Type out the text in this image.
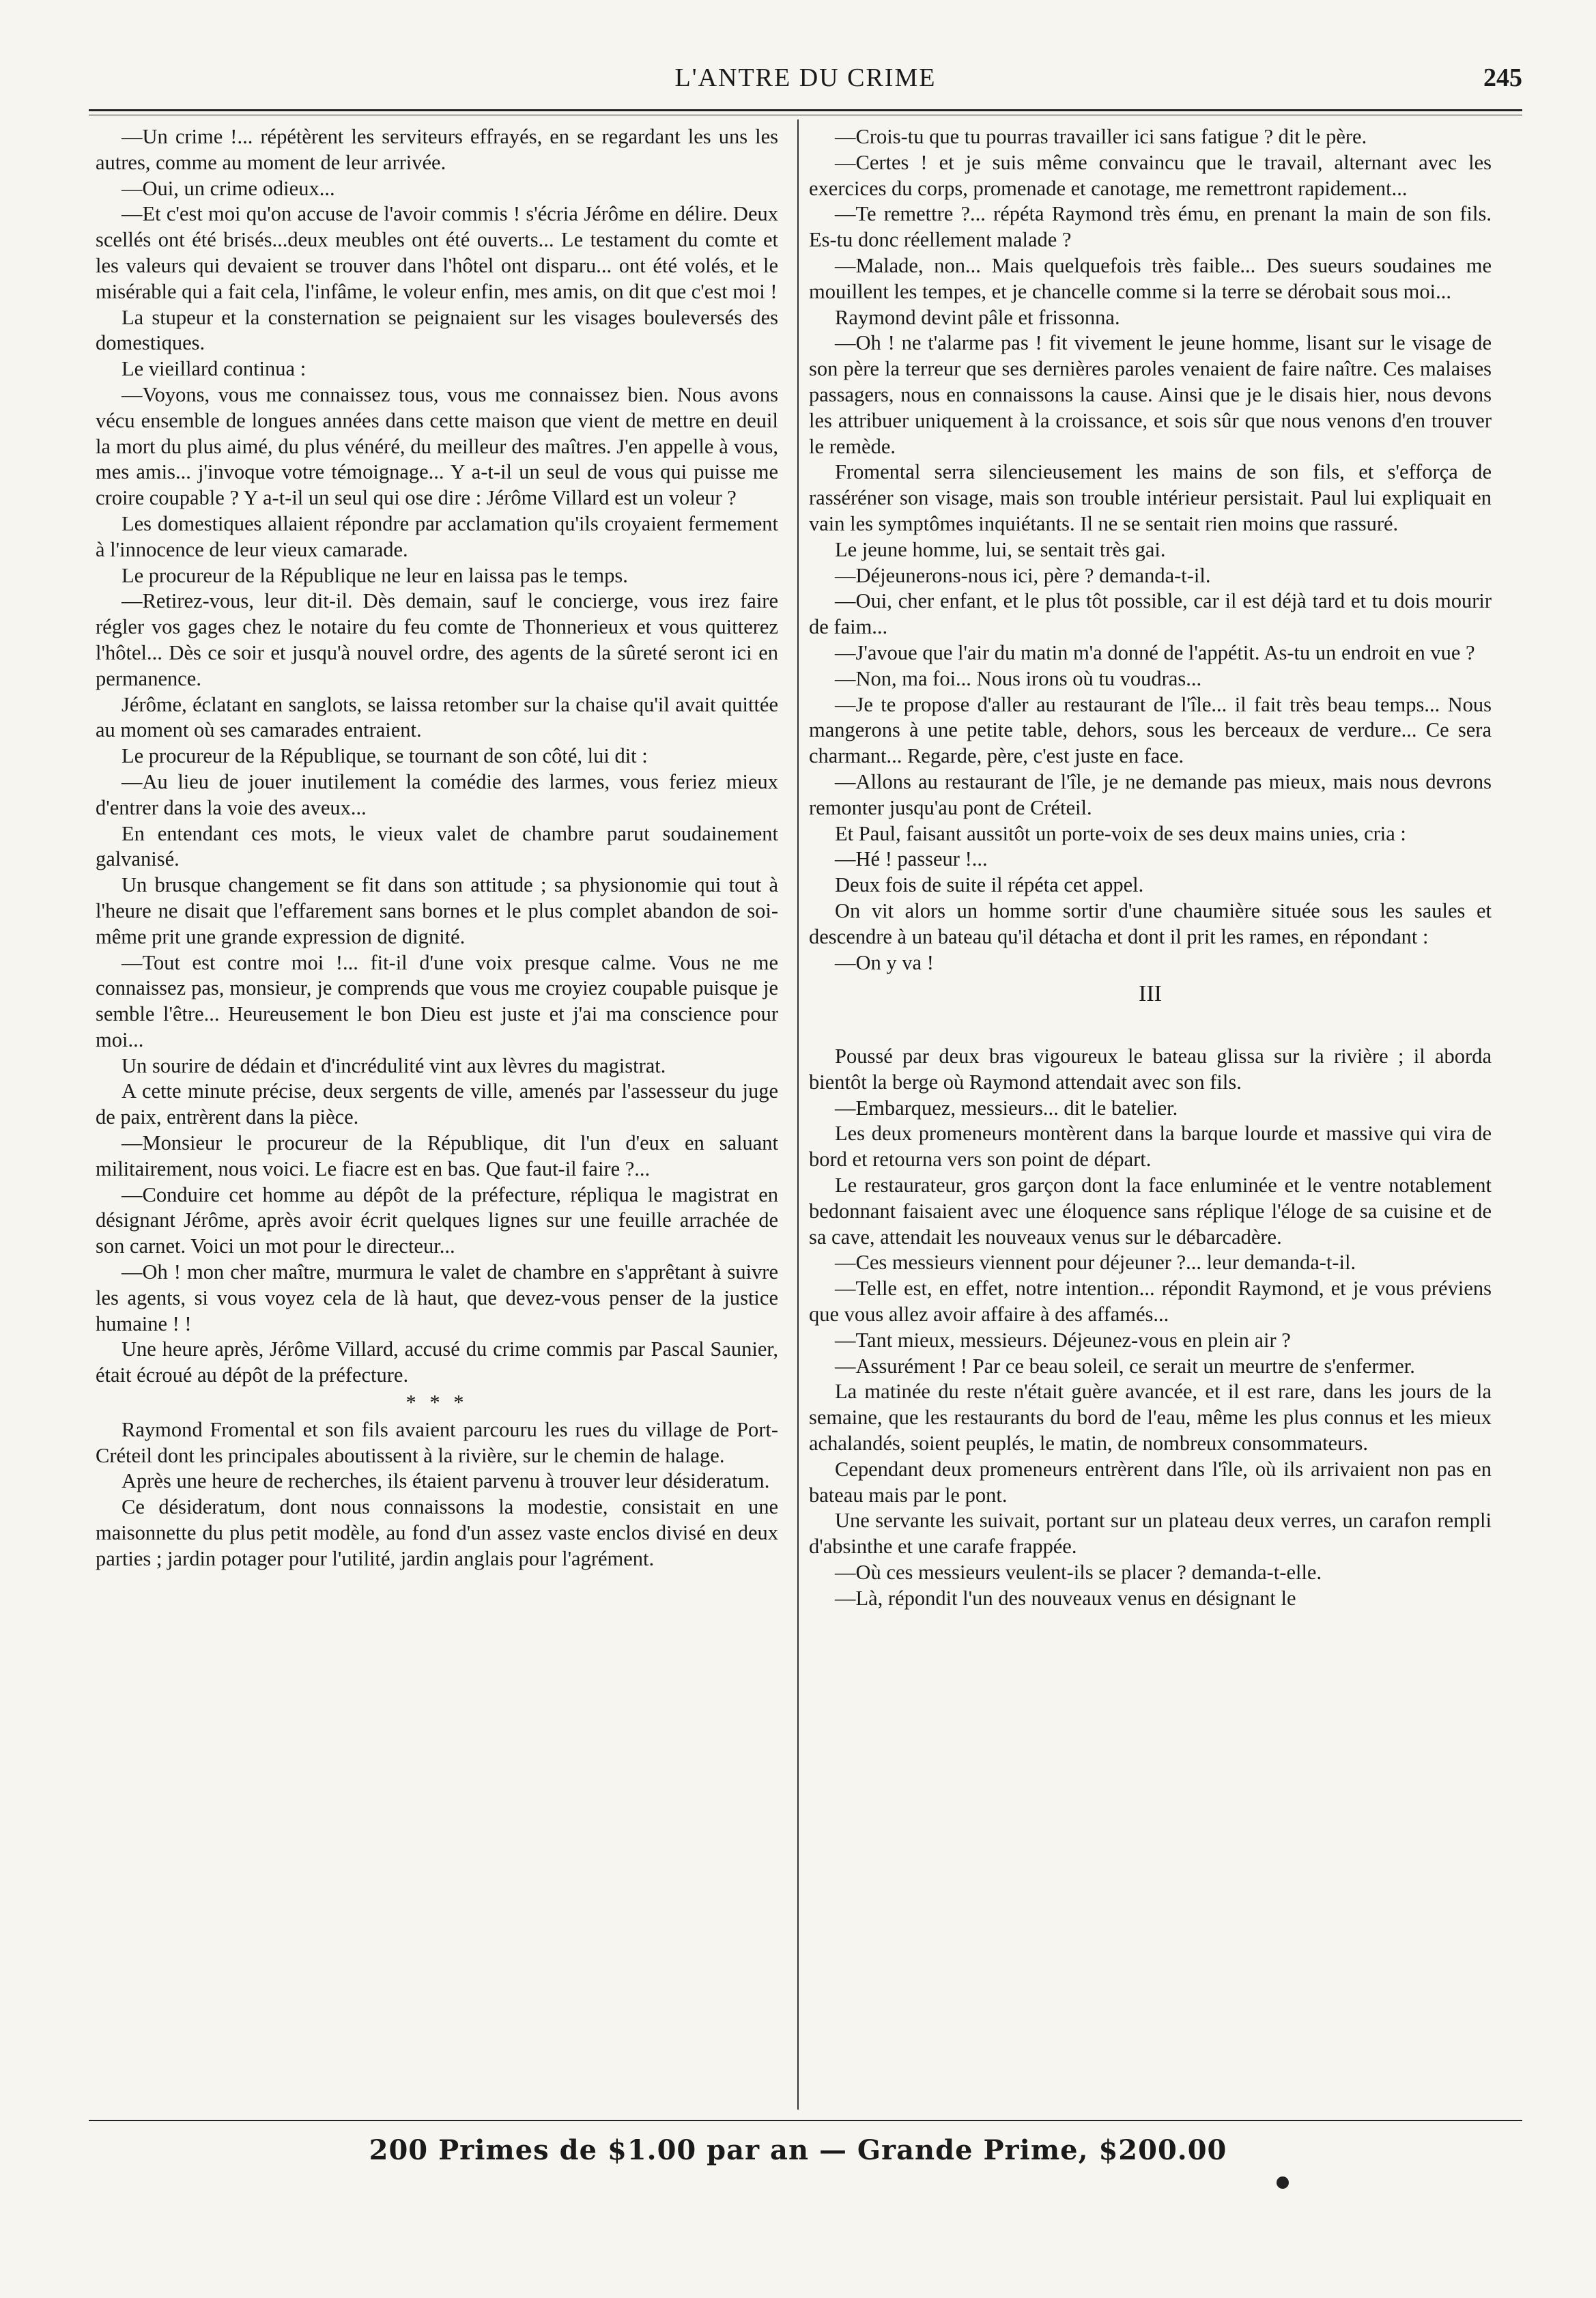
L'ANTRE DU CRIME	245

—Un crime !... répétèrent les serviteurs effrayés, en se regardant les uns les autres, comme au moment de leur arrivée.

—Oui, un crime odieux...

—Et c'est moi qu'on accuse de l'avoir commis ! s'écria Jérôme en délire. Deux scellés ont été brisés...deux meubles ont été ouverts... Le testament du comte et les valeurs qui devaient se trouver dans l'hôtel ont disparu... ont été volés, et le misérable qui a fait cela, l'infâme, le voleur enfin, mes amis, on dit que c'est moi !

La stupeur et la consternation se peignaient sur les visages bouleversés des domestiques.

Le vieillard continua :

—Voyons, vous me connaissez tous, vous me connaissez bien. Nous avons vécu ensemble de longues années dans cette maison que vient de mettre en deuil la mort du plus aimé, du plus vénéré, du meilleur des maîtres. J'en appelle à vous, mes amis... j'invoque votre témoignage... Y a-t-il un seul de vous qui puisse me croire coupable ? Y a-t-il un seul qui ose dire : Jérôme Villard est un voleur ?

Les domestiques allaient répondre par acclamation qu'ils croyaient fermement à l'innocence de leur vieux camarade.

Le procureur de la République ne leur en laissa pas le temps.

—Retirez-vous, leur dit-il. Dès demain, sauf le concierge, vous irez faire régler vos gages chez le notaire du feu comte de Thonnerieux et vous quitterez l'hôtel... Dès ce soir et jusqu'à nouvel ordre, des agents de la sûreté seront ici en permanence.

Jérôme, éclatant en sanglots, se laissa retomber sur la chaise qu'il avait quittée au moment où ses camarades entraient.

Le procureur de la République, se tournant de son côté, lui dit :

—Au lieu de jouer inutilement la comédie des larmes, vous feriez mieux d'entrer dans la voie des aveux...

En entendant ces mots, le vieux valet de chambre parut soudainement galvanisé.

Un brusque changement se fit dans son attitude ; sa physionomie qui tout à l'heure ne disait que l'effarement sans bornes et le plus complet abandon de soi-même prit une grande expression de dignité.

—Tout est contre moi !... fit-il d'une voix presque calme. Vous ne me connaissez pas, monsieur, je comprends que vous me croyiez coupable puisque je semble l'être... Heureusement le bon Dieu est juste et j'ai ma conscience pour moi...

Un sourire de dédain et d'incrédulité vint aux lèvres du magistrat.

A cette minute précise, deux sergents de ville, amenés par l'assesseur du juge de paix, entrèrent dans la pièce.

—Monsieur le procureur de la République, dit l'un d'eux en saluant militairement, nous voici. Le fiacre est en bas. Que faut-il faire ?...

—Conduire cet homme au dépôt de la préfecture, répliqua le magistrat en désignant Jérôme, après avoir écrit quelques lignes sur une feuille arrachée de son carnet. Voici un mot pour le directeur...

—Oh ! mon cher maître, murmura le valet de chambre en s'apprêtant à suivre les agents, si vous voyez cela de là haut, que devez-vous penser de la justice humaine ! !

Une heure après, Jérôme Villard, accusé du crime commis par Pascal Saunier, était écroué au dépôt de la préfecture.

* * *

Raymond Fromental et son fils avaient parcouru les rues du village de Port-Créteil dont les principales aboutissent à la rivière, sur le chemin de halage.

Après une heure de recherches, ils étaient parvenu à trouver leur désideratum.

Ce désideratum, dont nous connaissons la modestie, consistait en une maisonnette du plus petit modèle, au fond d'un assez vaste enclos divisé en deux parties ; jardin potager pour l'utilité, jardin anglais pour l'agrément.

—Crois-tu que tu pourras travailler ici sans fatigue ? dit le père.

—Certes ! et je suis même convaincu que le travail, alternant avec les exercices du corps, promenade et canotage, me remettront rapidement...

—Te remettre ?... répéta Raymond très ému, en prenant la main de son fils. Es-tu donc réellement malade ?

—Malade, non... Mais quelquefois très faible... Des sueurs soudaines me mouillent les tempes, et je chancelle comme si la terre se dérobait sous moi...

Raymond devint pâle et frissonna.

—Oh ! ne t'alarme pas ! fit vivement le jeune homme, lisant sur le visage de son père la terreur que ses dernières paroles venaient de faire naître. Ces malaises passagers, nous en connaissons la cause. Ainsi que je le disais hier, nous devons les attribuer uniquement à la croissance, et sois sûr que nous venons d'en trouver le remède.

Fromental serra silencieusement les mains de son fils, et s'efforça de rasséréner son visage, mais son trouble intérieur persistait. Paul lui expliquait en vain les symptômes inquiétants. Il ne se sentait rien moins que rassuré.

Le jeune homme, lui, se sentait très gai.

—Déjeunerons-nous ici, père ? demanda-t-il.

—Oui, cher enfant, et le plus tôt possible, car il est déjà tard et tu dois mourir de faim...

—J'avoue que l'air du matin m'a donné de l'appétit. As-tu un endroit en vue ?

—Non, ma foi... Nous irons où tu voudras...

—Je te propose d'aller au restaurant de l'île... il fait très beau temps... Nous mangerons à une petite table, dehors, sous les berceaux de verdure... Ce sera charmant... Regarde, père, c'est juste en face.

—Allons au restaurant de l'île, je ne demande pas mieux, mais nous devrons remonter jusqu'au pont de Créteil.

Et Paul, faisant aussitôt un porte-voix de ses deux mains unies, cria :

—Hé ! passeur !...

Deux fois de suite il répéta cet appel.

On vit alors un homme sortir d'une chaumière située sous les saules et descendre à un bateau qu'il détacha et dont il prit les rames, en répondant :

—On y va !

III

Poussé par deux bras vigoureux le bateau glissa sur la rivière ; il aborda bientôt la berge où Raymond attendait avec son fils.

—Embarquez, messieurs... dit le batelier.

Les deux promeneurs montèrent dans la barque lourde et massive qui vira de bord et retourna vers son point de départ.

Le restaurateur, gros garçon dont la face enluminée et le ventre notablement bedonnant faisaient avec une éloquence sans réplique l'éloge de sa cuisine et de sa cave, attendait les nouveaux venus sur le débarcadère.

—Ces messieurs viennent pour déjeuner ?... leur demanda-t-il.

—Telle est, en effet, notre intention... répondit Raymond, et je vous préviens que vous allez avoir affaire à des affamés...

—Tant mieux, messieurs. Déjeunez-vous en plein air ?

—Assurément ! Par ce beau soleil, ce serait un meurtre de s'enfermer.

La matinée du reste n'était guère avancée, et il est rare, dans les jours de la semaine, que les restaurants du bord de l'eau, même les plus connus et les mieux achalandés, soient peuplés, le matin, de nombreux consommateurs.

Cependant deux promeneurs entrèrent dans l'île, où ils arrivaient non pas en bateau mais par le pont.

Une servante les suivait, portant sur un plateau deux verres, un carafon rempli d'absinthe et une carafe frappée.

—Où ces messieurs veulent-ils se placer ? demanda-t-elle.

—Là, répondit l'un des nouveaux venus en désignant le

200 Primes de $1.00 par an — Grande Prime, $200.00
